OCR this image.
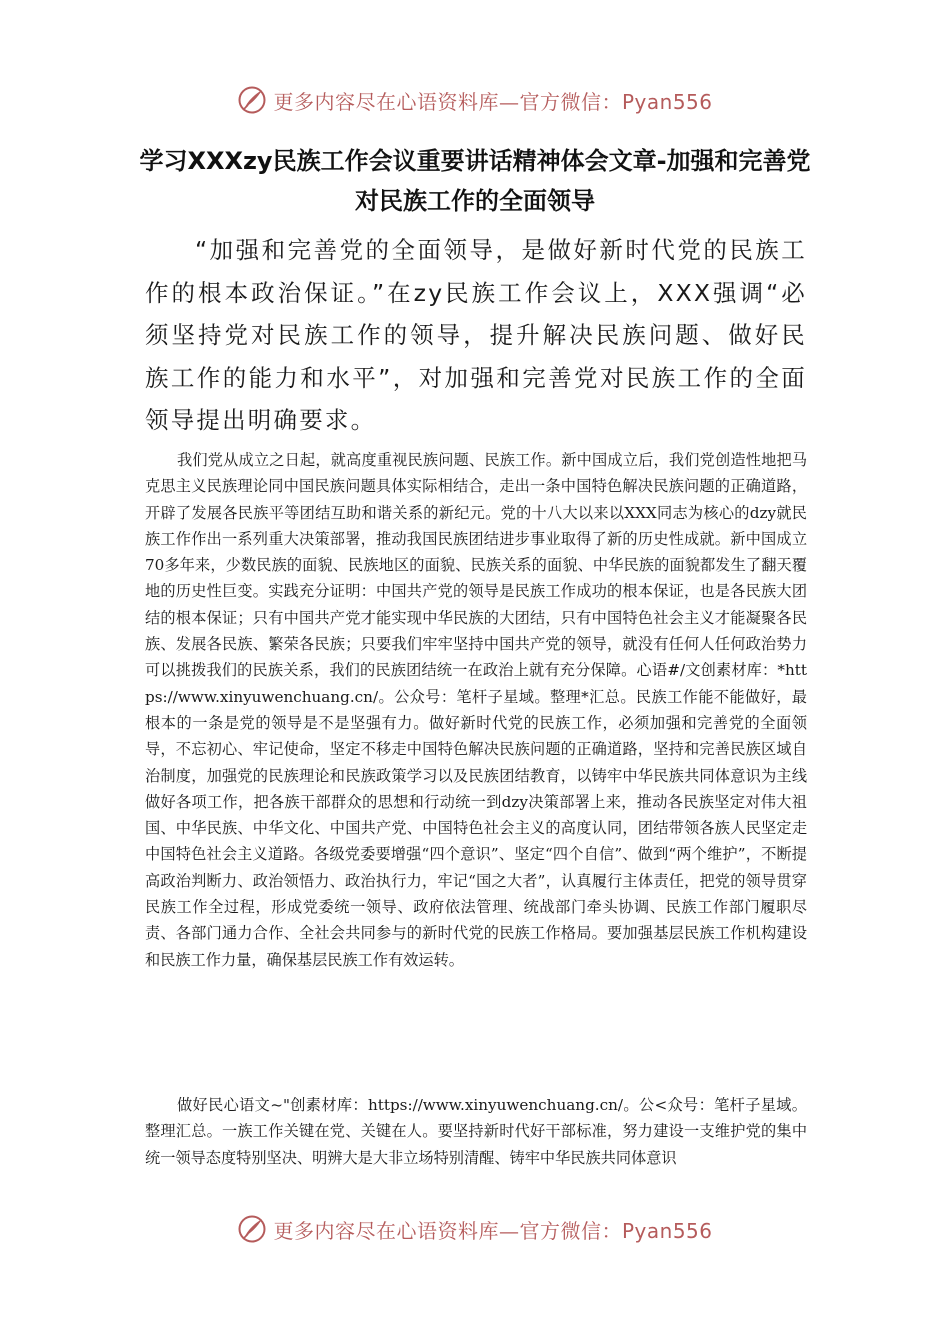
更多内容尽在心语资料库—官方微信：Pyan556
学习XXXzy民族工作会议重要讲话精神体会文章-加强和完善党对民族工作的全面领导

“加强和完善党的全面领导，是做好新时代党的民族工作的根本政治保证。”在zy民族工作会议上，XXX强调“必须坚持党对民族工作的领导，提升解决民族问题、做好民族工作的能力和水平”，对加强和完善党对民族工作的全面领导提出明确要求。

我们党从成立之日起，就高度重视民族问题、民族工作。新中国成立后，我们党创造性地把马克思主义民族理论同中国民族问题具体实际相结合，走出一条中国特色解决民族问题的正确道路，开辟了发展各民族平等团结互助和谐关系的新纪元。党的十八大以来以XXX同志为核心的dzy就民族工作作出一系列重大决策部署，推动我国民族团结进步事业取得了新的历史性成就。新中国成立70多年来，少数民族的面貌、民族地区的面貌、民族关系的面貌、中华民族的面貌都发生了翻天覆地的历史性巨变。实践充分证明：中国共产党的领导是民族工作成功的根本保证，也是各民族大团结的根本保证；只有中国共产党才能实现中华民族的大团结，只有中国特色社会主义才能凝聚各民族、发展各民族、繁荣各民族；只要我们牢牢坚持中国共产党的领导，就没有任何人任何政治势力可以挑拨我们的民族关系，我们的民族团结统一在政治上就有充分保障。心语#/文创素材库：*https://www.xinyuwenchuang.cn/。公众号：笔杆子星域。整理*汇总。民族工作能不能做好，最根本的一条是党的领导是不是坚强有力。做好新时代党的民族工作，必须加强和完善党的全面领导，不忘初心、牢记使命，坚定不移走中国特色解决民族问题的正确道路，坚持和完善民族区域自治制度，加强党的民族理论和民族政策学习以及民族团结教育，以铸牢中华民族共同体意识为主线做好各项工作，把各族干部群众的思想和行动统一到dzy决策部署上来，推动各民族坚定对伟大祖国、中华民族、中华文化、中国共产党、中国特色社会主义的高度认同，团结带领各族人民坚定走中国特色社会主义道路。各级党委要增强“四个意识”、坚定“四个自信”、做到“两个维护”，不断提高政治判断力、政治领悟力、政治执行力，牢记“国之大者”，认真履行主体责任，把党的领导贯穿民族工作全过程，形成党委统一领导、政府依法管理、统战部门牵头协调、民族工作部门履职尽责、各部门通力合作、全社会共同参与的新时代党的民族工作格局。要加强基层民族工作机构建设和民族工作力量，确保基层民族工作有效运转。

做好民心语文~"创素材库：https://www.xinyuwenchuang.cn/。公<众号：笔杆子星域。整理汇总。一族工作关键在党、关键在人。要坚持新时代好干部标准，努力建设一支维护党的集中统一领导态度特别坚决、明辨大是大非立场特别清醒、铸牢中华民族共同体意识

更多内容尽在心语资料库—官方微信：Pyan556
